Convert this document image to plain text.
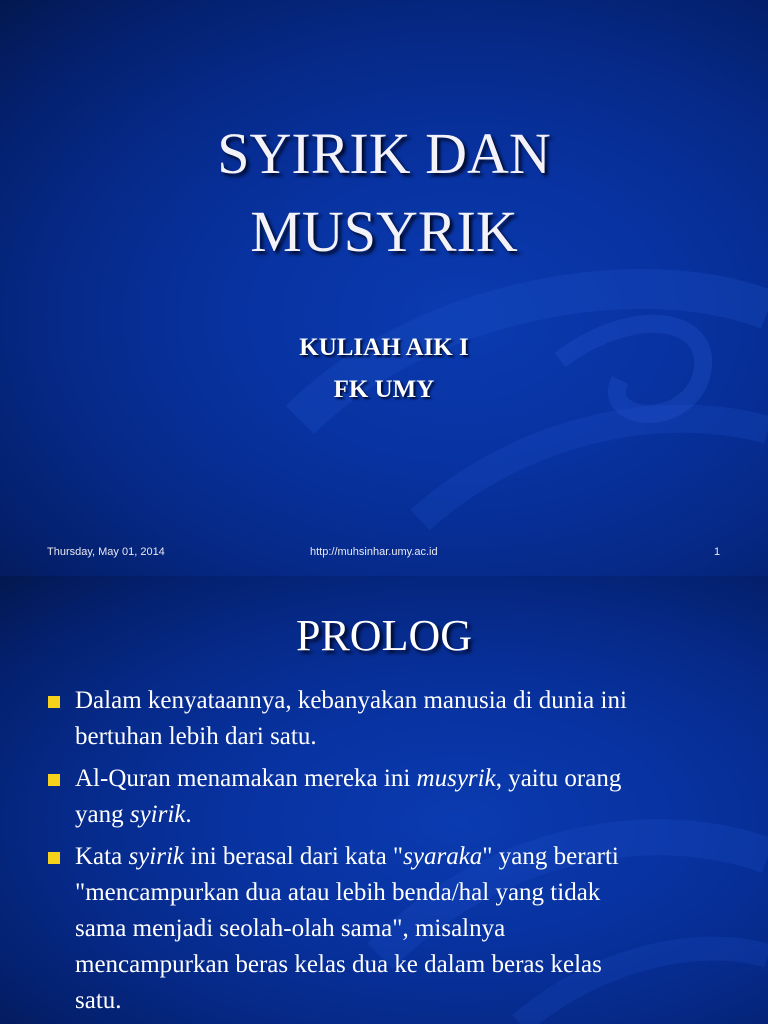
SYIRIK DAN
MUSYRIK
KULIAH AIK I
FK UMY
Thursday, May 01, 2014	http://muhsinhar.umy.ac.id	1
PROLOG
Dalam kenyataannya, kebanyakan manusia di dunia ini
bertuhan lebih dari satu.
Al-Quran menamakan mereka ini musyrik, yaitu orang
yang syirik.
Kata syirik ini berasal dari kata "syaraka" yang berarti
"mencampurkan dua atau lebih benda/hal yang tidak
sama menjadi seolah-olah sama", misalnya
mencampurkan beras kelas dua ke dalam beras kelas
satu.
